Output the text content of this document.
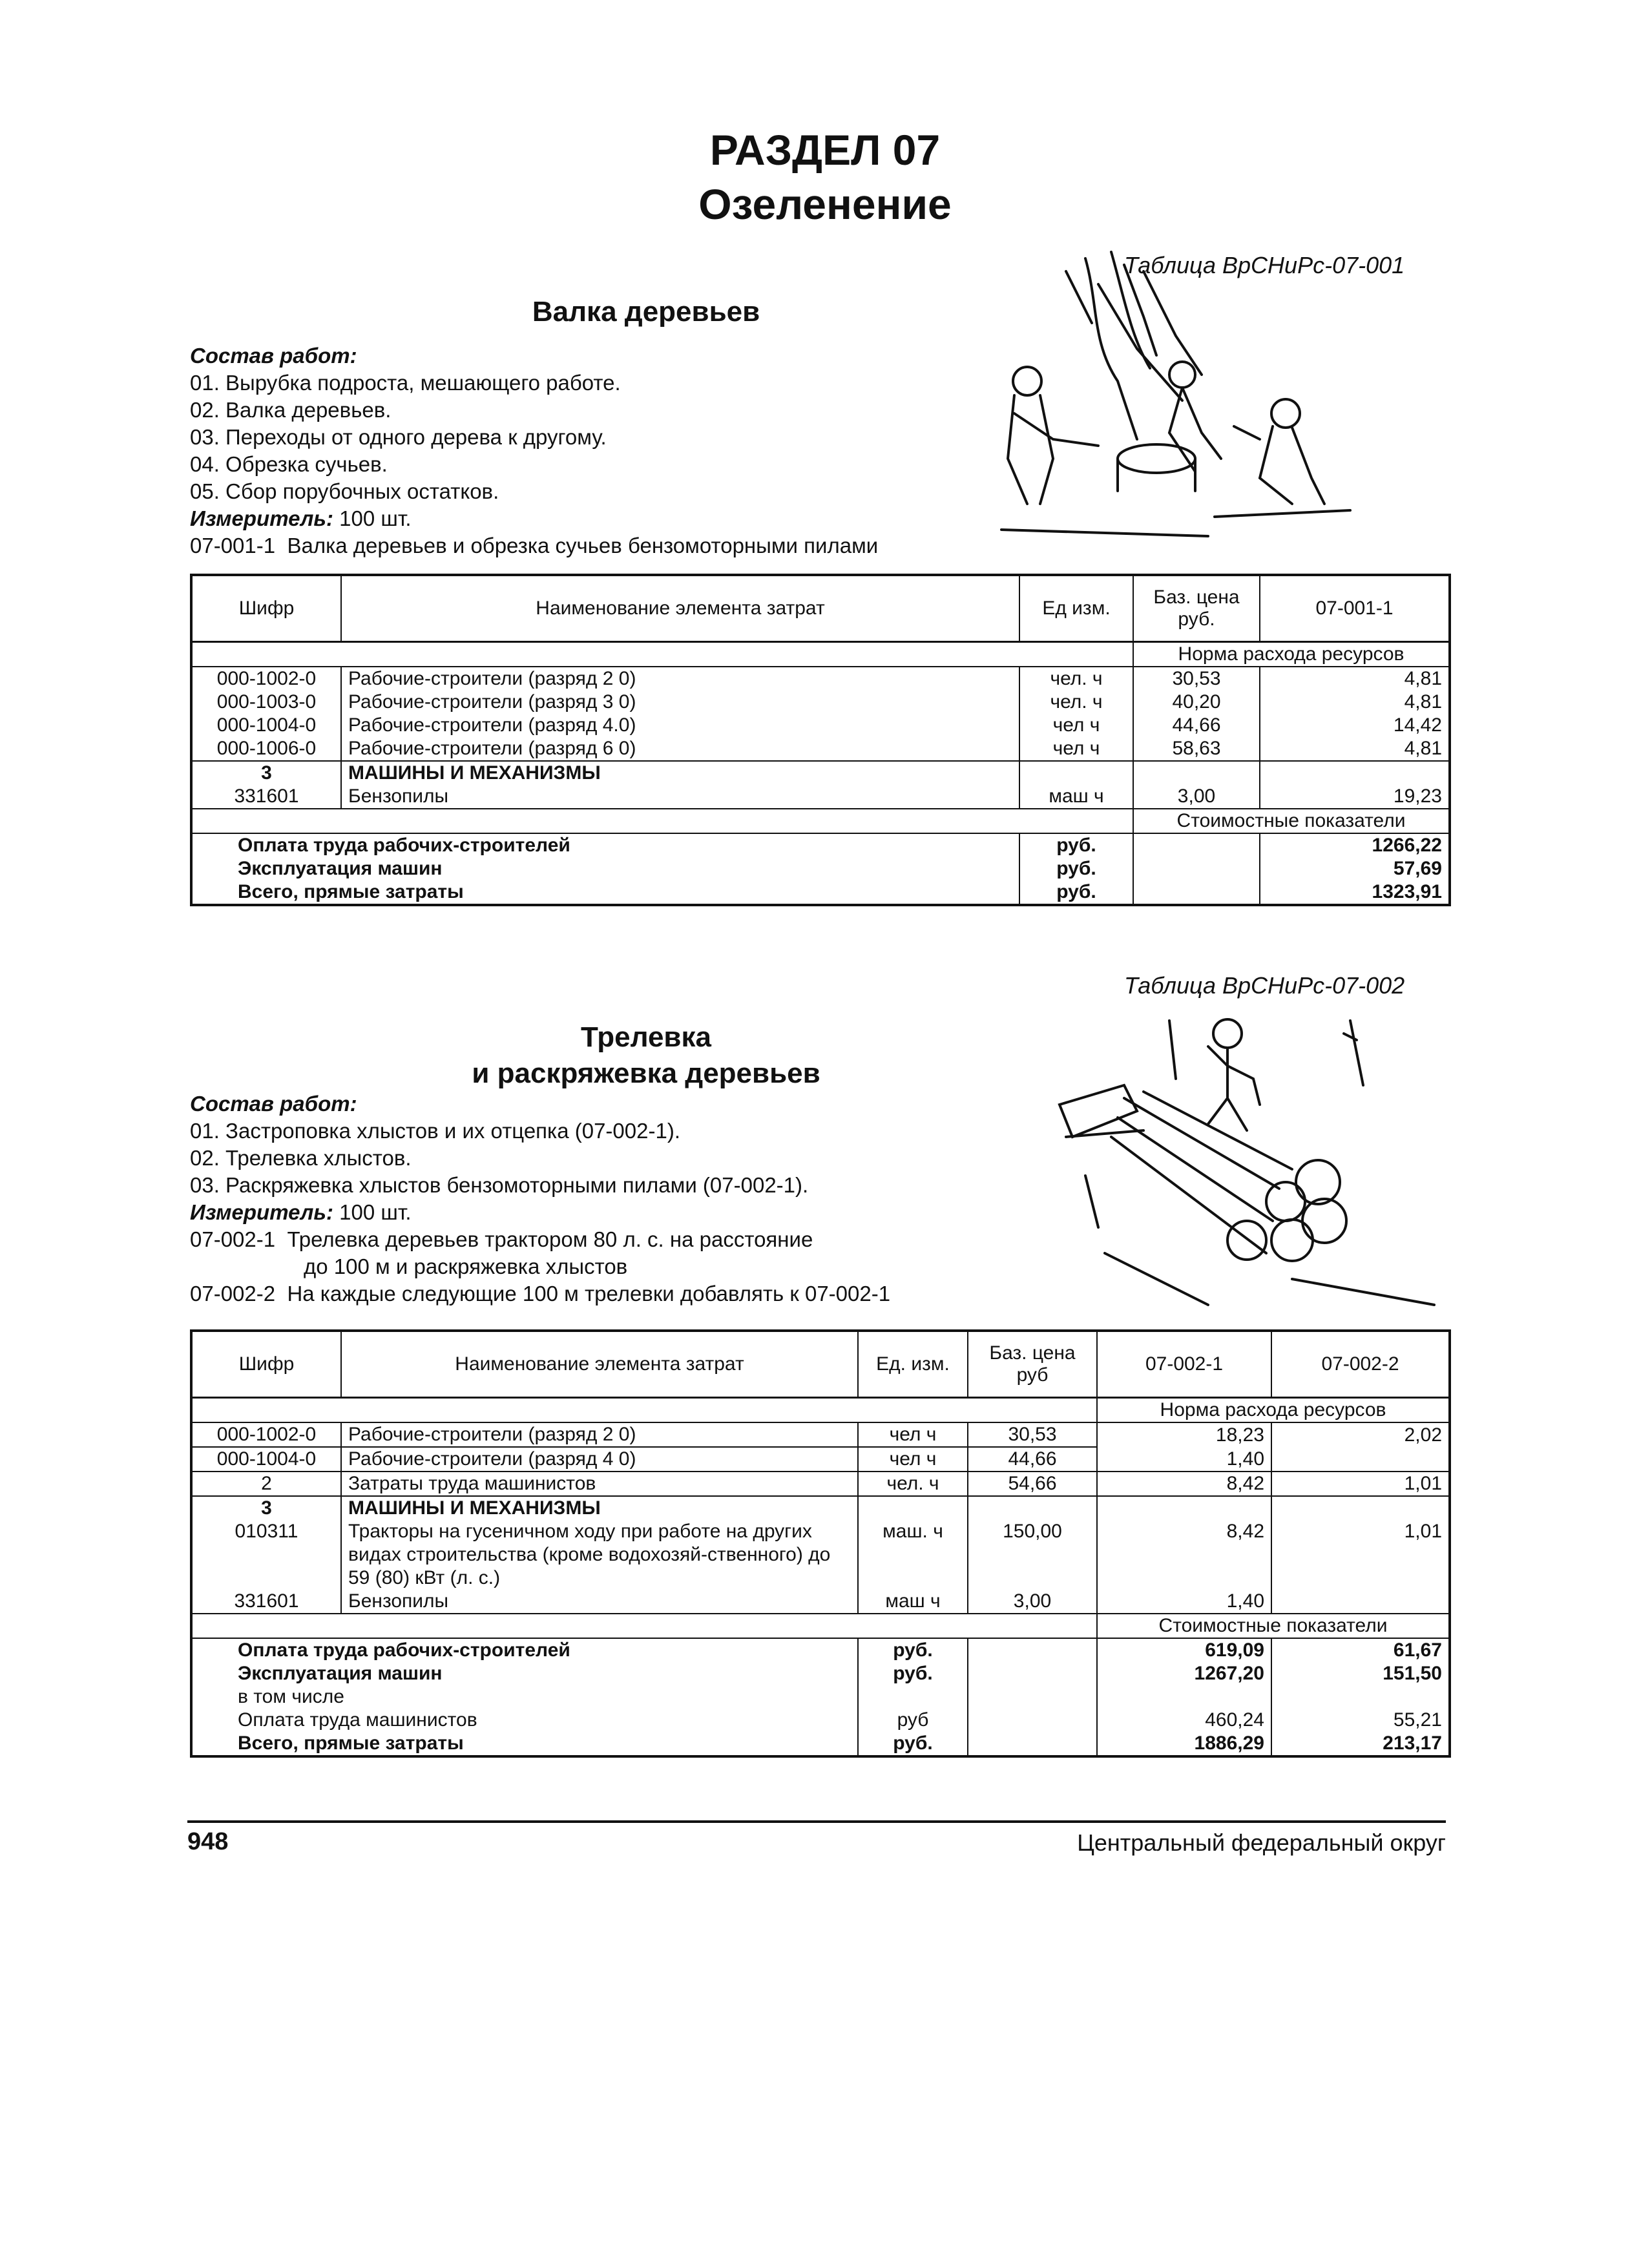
РАЗДЕЛ 07
Озеленение
Таблица ВрСНиРс-07-001
Валка деревьев
Состав работ:
01. Вырубка подроста, мешающего работе.
02. Валка деревьев.
03. Переходы от одного дерева к другому.
04. Обрезка сучьев.
05. Сбор порубочных остатков.
Измеритель: 100 шт.
07-001-1 Валка деревьев и обрезка сучьев бензомоторными пилами
Шифр	Наименование элемента затрат	Ед изм.	Баз. цена руб.	07-001-1
			Норма расхода ресурсов	
000-1002-0	Рабочие-строители (разряд 2 0)	чел. ч	30,53	4,81
000-1003-0	Рабочие-строители (разряд 3 0)	чел. ч	40,20	4,81
000-1004-0	Рабочие-строители (разряд 4.0)	чел ч	44,66	14,42
000-1006-0	Рабочие-строители (разряд 6 0)	чел ч	58,63	4,81
3	МАШИНЫ И МЕХАНИЗМЫ			
331601	Бензопилы	маш ч	3,00	19,23
			Стоимостные показатели	
Оплата труда рабочих-строителей		руб.		1266,22
Эксплуатация машин		руб.		57,69
Всего, прямые затраты		руб.		1323,91
Таблица ВрСНиРс-07-002
Трелевка
и раскряжевка деревьев
Состав работ:
01. Застроповка хлыстов и их отцепка (07-002-1).
02. Трелевка хлыстов.
03. Раскряжевка хлыстов бензомоторными пилами (07-002-1).
Измеритель: 100 шт.
07-002-1 Трелевка деревьев трактором 80 л. с. на расстояние
до 100 м и раскряжевка хлыстов
07-002-2 На каждые следующие 100 м трелевки добавлять к 07-002-1
Шифр	Наименование элемента затрат	Ед. изм.	Баз. цена руб	07-002-1	07-002-2
				Норма расхода ресурсов	
000-1002-0	Рабочие-строители (разряд 2 0)	чел ч	30,53	18,23	2,02
000-1004-0	Рабочие-строители (разряд 4 0)	чел ч	44,66	1,40	
2	Затраты труда машинистов	чел. ч	54,66	8,42	1,01
3	МАШИНЫ И МЕХАНИЗМЫ				
010311	Тракторы на гусеничном ходу при работе на других видах строительства (кроме водохозяй-ственного) до 59 (80) кВт (л. с.)	маш. ч	150,00	8,42	1,01
331601	Бензопилы	маш ч	3,00	1,40	
				Стоимостные показатели	
Оплата труда рабочих-строителей		руб.		619,09	61,67
Эксплуатация машин		руб.		1267,20	151,50
в том числе					
Оплата труда машинистов		руб		460,24	55,21
Всего, прямые затраты		руб.		1886,29	213,17
948	Центральный федеральный округ
